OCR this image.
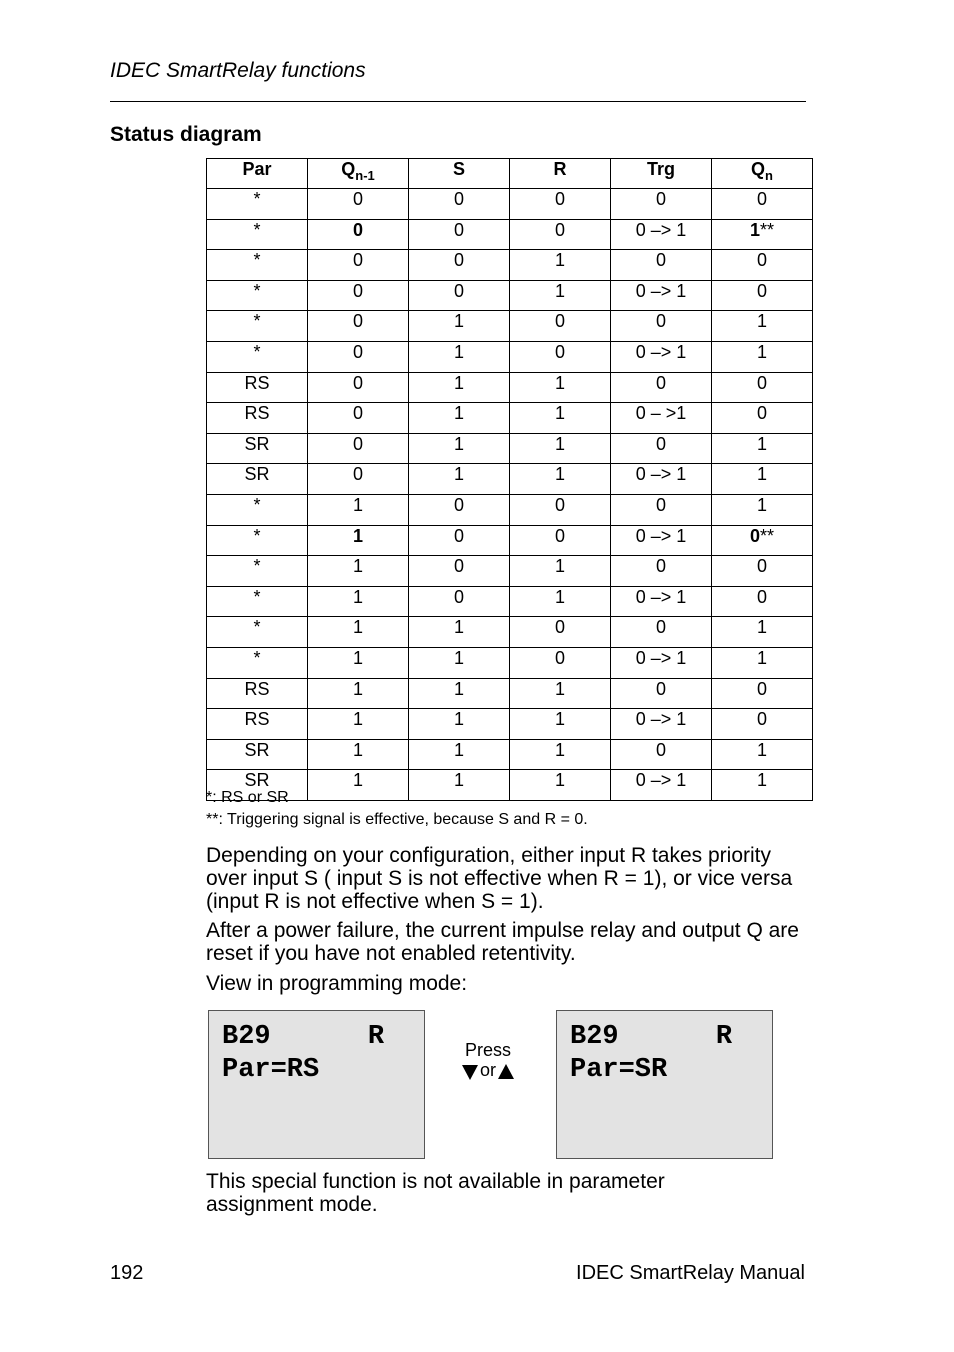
IDEC SmartRelay functions
Status diagram
Par	$Q_{n-1}$	S	R	Trg	$Q_n$
*	0	0	0	0	0
*	0	0	0	0 –> 1	1**
*	0	0	1	0	0
*	0	0	1	0 –> 1	0
*	0	1	0	0	1
*	0	1	0	0 –> 1	1
RS	0	1	1	0	0
RS	0	1	1	0 – >1	0
SR	0	1	1	0	1
SR	0	1	1	0 –> 1	1
*	1	0	0	0	1
*	1	0	0	0 –> 1	0**
*	1	0	1	0	0
*	1	0	1	0 –> 1	0
*	1	1	0	0	1
*	1	1	0	0 –> 1	1
RS	1	1	1	0	0
RS	1	1	1	0 –> 1	0
SR	1	1	1	0	1
SR	1	1	1	0 –> 1	1
*: RS or SR
**: Triggering signal is effective, because S and R = 0.
Depending on your configuration, either input R takes priority over input S ( input S is not effective when R = 1), or vice versa (input R is not effective when S = 1).
After a power failure, the current impulse relay and output Q are reset if you have not enabled retentivity.
View in programming mode:
B29      R
Par=RS
Press
or
B29      R
Par=SR
This special function is not available in parameter assignment mode.
192	IDEC SmartRelay Manual
